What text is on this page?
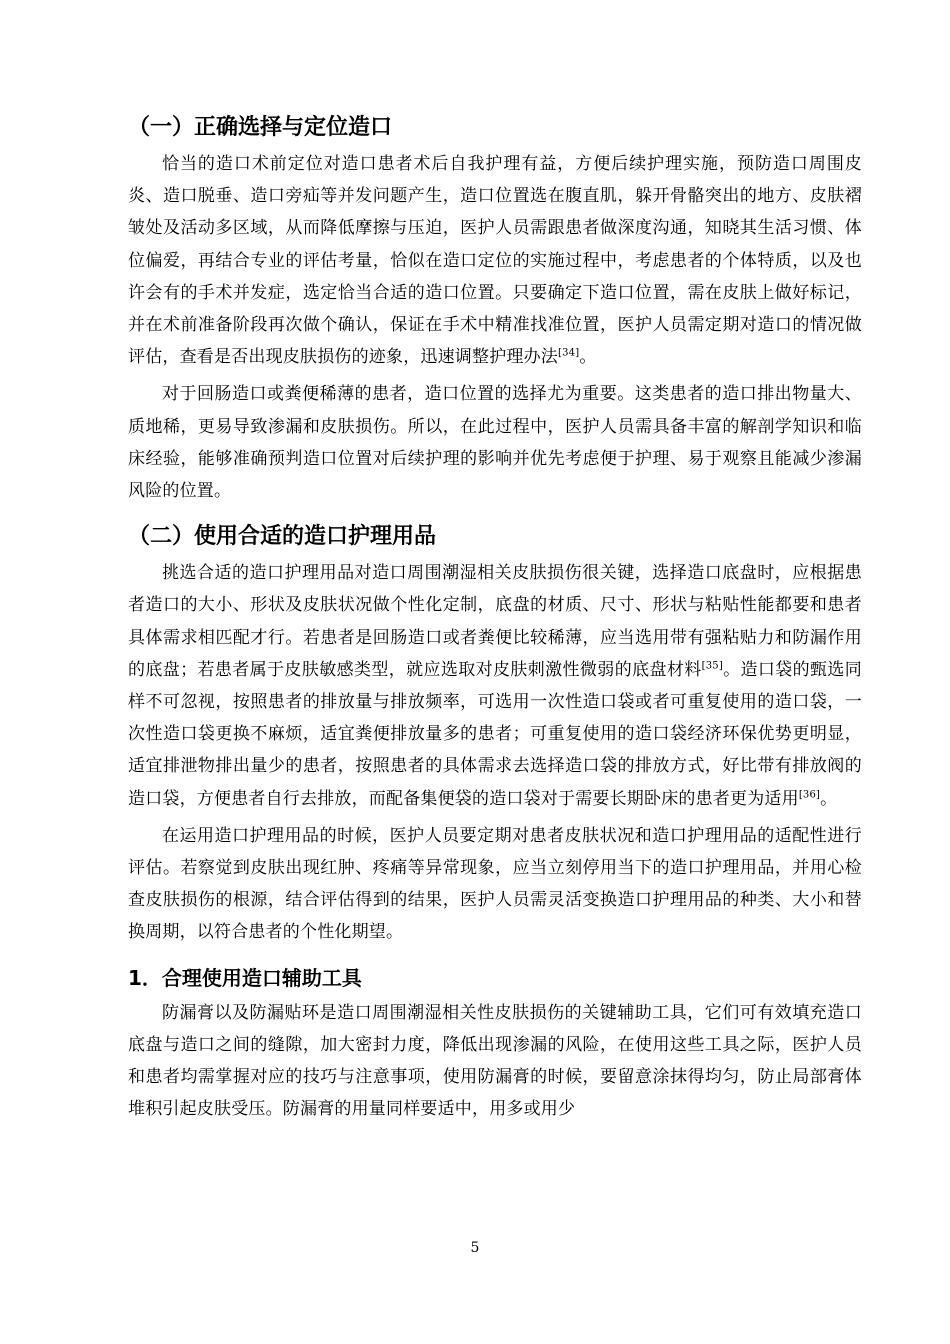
（一）正确选择与定位造口

恰当的造口术前定位对造口患者术后自我护理有益，方便后续护理实施，预防造口周围皮炎、造口脱垂、造口旁疝等并发问题产生，造口位置选在腹直肌，躲开骨骼突出的地方、皮肤褶皱处及活动多区域，从而降低摩擦与压迫，医护人员需跟患者做深度沟通，知晓其生活习惯、体位偏爱，再结合专业的评估考量，恰似在造口定位的实施过程中，考虑患者的个体特质，以及也许会有的手术并发症，选定恰当合适的造口位置。只要确定下造口位置，需在皮肤上做好标记，并在术前准备阶段再次做个确认，保证在手术中精准找准位置，医护人员需定期对造口的情况做评估，查看是否出现皮肤损伤的迹象，迅速调整护理办法[34]。

对于回肠造口或粪便稀薄的患者，造口位置的选择尤为重要。这类患者的造口排出物量大、质地稀，更易导致渗漏和皮肤损伤。所以，在此过程中，医护人员需具备丰富的解剖学知识和临床经验，能够准确预判造口位置对后续护理的影响并优先考虑便于护理、易于观察且能减少渗漏风险的位置。

（二）使用合适的造口护理用品

挑选合适的造口护理用品对造口周围潮湿相关皮肤损伤很关键，选择造口底盘时，应根据患者造口的大小、形状及皮肤状况做个性化定制，底盘的材质、尺寸、形状与粘贴性能都要和患者具体需求相匹配才行。若患者是回肠造口或者粪便比较稀薄，应当选用带有强粘贴力和防漏作用的底盘；若患者属于皮肤敏感类型，就应选取对皮肤刺激性微弱的底盘材料[35]。造口袋的甄选同样不可忽视，按照患者的排放量与排放频率，可选用一次性造口袋或者可重复使用的造口袋，一次性造口袋更换不麻烦，适宜粪便排放量多的患者；可重复使用的造口袋经济环保优势更明显，适宜排泄物排出量少的患者，按照患者的具体需求去选择造口袋的排放方式，好比带有排放阀的造口袋，方便患者自行去排放，而配备集便袋的造口袋对于需要长期卧床的患者更为适用[36]。

在运用造口护理用品的时候，医护人员要定期对患者皮肤状况和造口护理用品的适配性进行评估。若察觉到皮肤出现红肿、疼痛等异常现象，应当立刻停用当下的造口护理用品，并用心检查皮肤损伤的根源，结合评估得到的结果，医护人员需灵活变换造口护理用品的种类、大小和替换周期，以符合患者的个性化期望。

1．合理使用造口辅助工具

防漏膏以及防漏贴环是造口周围潮湿相关性皮肤损伤的关键辅助工具，它们可有效填充造口底盘与造口之间的缝隙，加大密封力度，降低出现渗漏的风险，在使用这些工具之际，医护人员和患者均需掌握对应的技巧与注意事项，使用防漏膏的时候，要留意涂抹得均匀，防止局部膏体堆积引起皮肤受压。防漏膏的用量同样要适中，用多或用少

5
